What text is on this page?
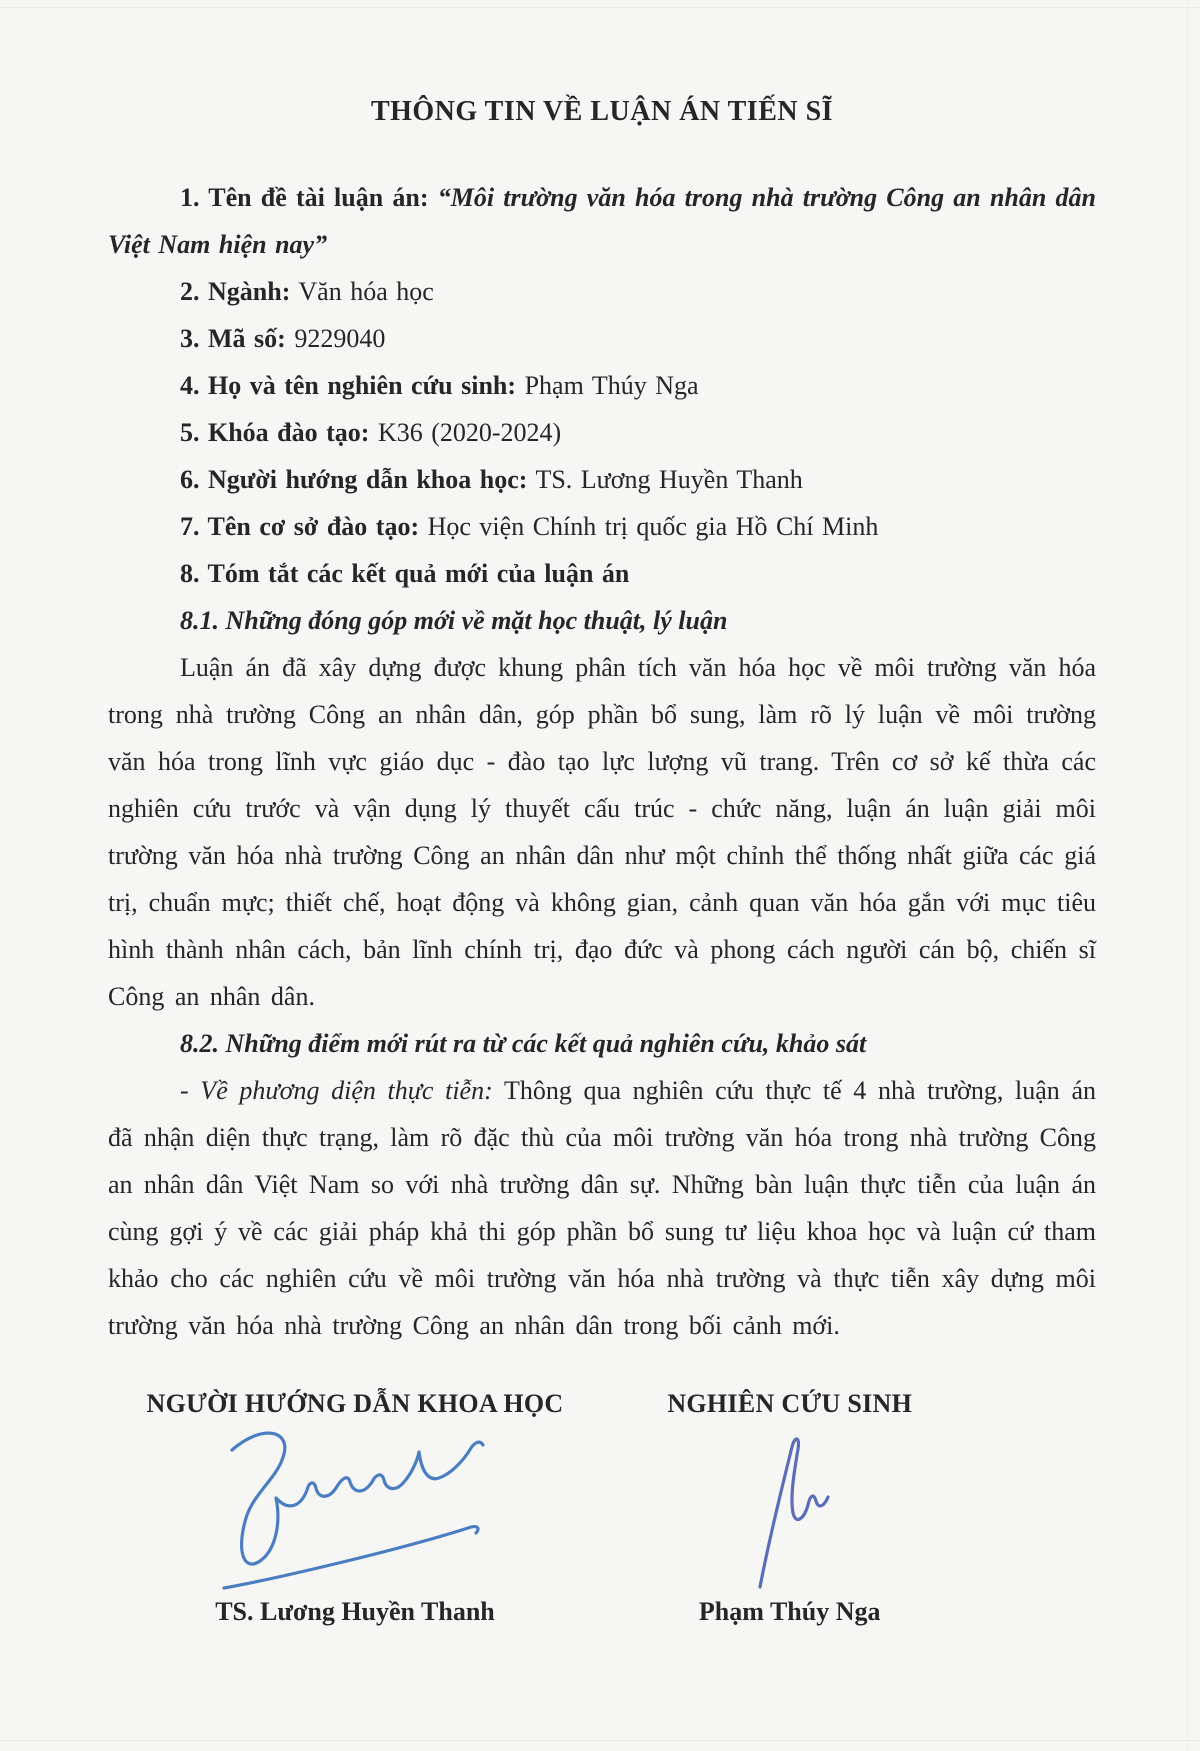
THÔNG TIN VỀ LUẬN ÁN TIẾN SĨ
1. Tên đề tài luận án: “Môi trường văn hóa trong nhà trường Công an nhân dân Việt Nam hiện nay”
2. Ngành: Văn hóa học
3. Mã số: 9229040
4. Họ và tên nghiên cứu sinh: Phạm Thúy Nga
5. Khóa đào tạo: K36 (2020-2024)
6. Người hướng dẫn khoa học: TS. Lương Huyền Thanh
7. Tên cơ sở đào tạo: Học viện Chính trị quốc gia Hồ Chí Minh
8. Tóm tắt các kết quả mới của luận án
8.1. Những đóng góp mới về mặt học thuật, lý luận
Luận án đã xây dựng được khung phân tích văn hóa học về môi trường văn hóa trong nhà trường Công an nhân dân, góp phần bổ sung, làm rõ lý luận về môi trường văn hóa trong lĩnh vực giáo dục - đào tạo lực lượng vũ trang. Trên cơ sở kế thừa các nghiên cứu trước và vận dụng lý thuyết cấu trúc - chức năng, luận án luận giải môi trường văn hóa nhà trường Công an nhân dân như một chỉnh thể thống nhất giữa các giá trị, chuẩn mực; thiết chế, hoạt động và không gian, cảnh quan văn hóa gắn với mục tiêu hình thành nhân cách, bản lĩnh chính trị, đạo đức và phong cách người cán bộ, chiến sĩ Công an nhân dân.
8.2. Những điểm mới rút ra từ các kết quả nghiên cứu, khảo sát
- Về phương diện thực tiễn: Thông qua nghiên cứu thực tế 4 nhà trường, luận án đã nhận diện thực trạng, làm rõ đặc thù của môi trường văn hóa trong nhà trường Công an nhân dân Việt Nam so với nhà trường dân sự. Những bàn luận thực tiễn của luận án cùng gợi ý về các giải pháp khả thi góp phần bổ sung tư liệu khoa học và luận cứ tham khảo cho các nghiên cứu về môi trường văn hóa nhà trường và thực tiễn xây dựng môi trường văn hóa nhà trường Công an nhân dân trong bối cảnh mới.
NGƯỜI HƯỚNG DẪN KHOA HỌC
TS. Lương Huyền Thanh
NGHIÊN CỨU SINH
Phạm Thúy Nga
